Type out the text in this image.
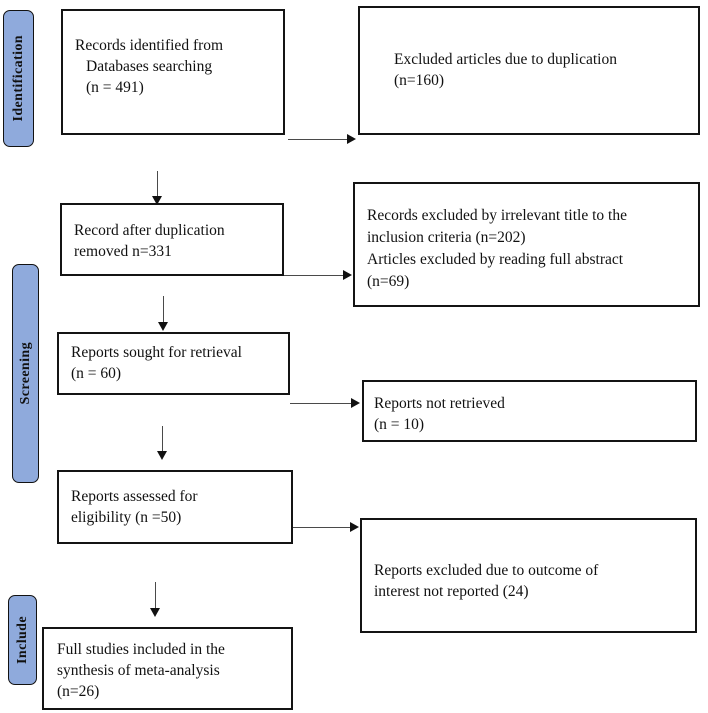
Identification
Screening
Include
Records identified from
Databases searching
(n = 491)
Record after duplication
removed n=331
Reports sought for retrieval
(n = 60)
Reports assessed for
eligibility (n =50)
Full studies included in the
synthesis of meta-analysis
(n=26)
Excluded articles due to duplication
(n=160)
Records excluded by irrelevant title to the
inclusion criteria (n=202)
Articles excluded by reading full abstract
(n=69)
Reports not retrieved
(n = 10)
Reports excluded due to outcome of
interest not reported (24)
